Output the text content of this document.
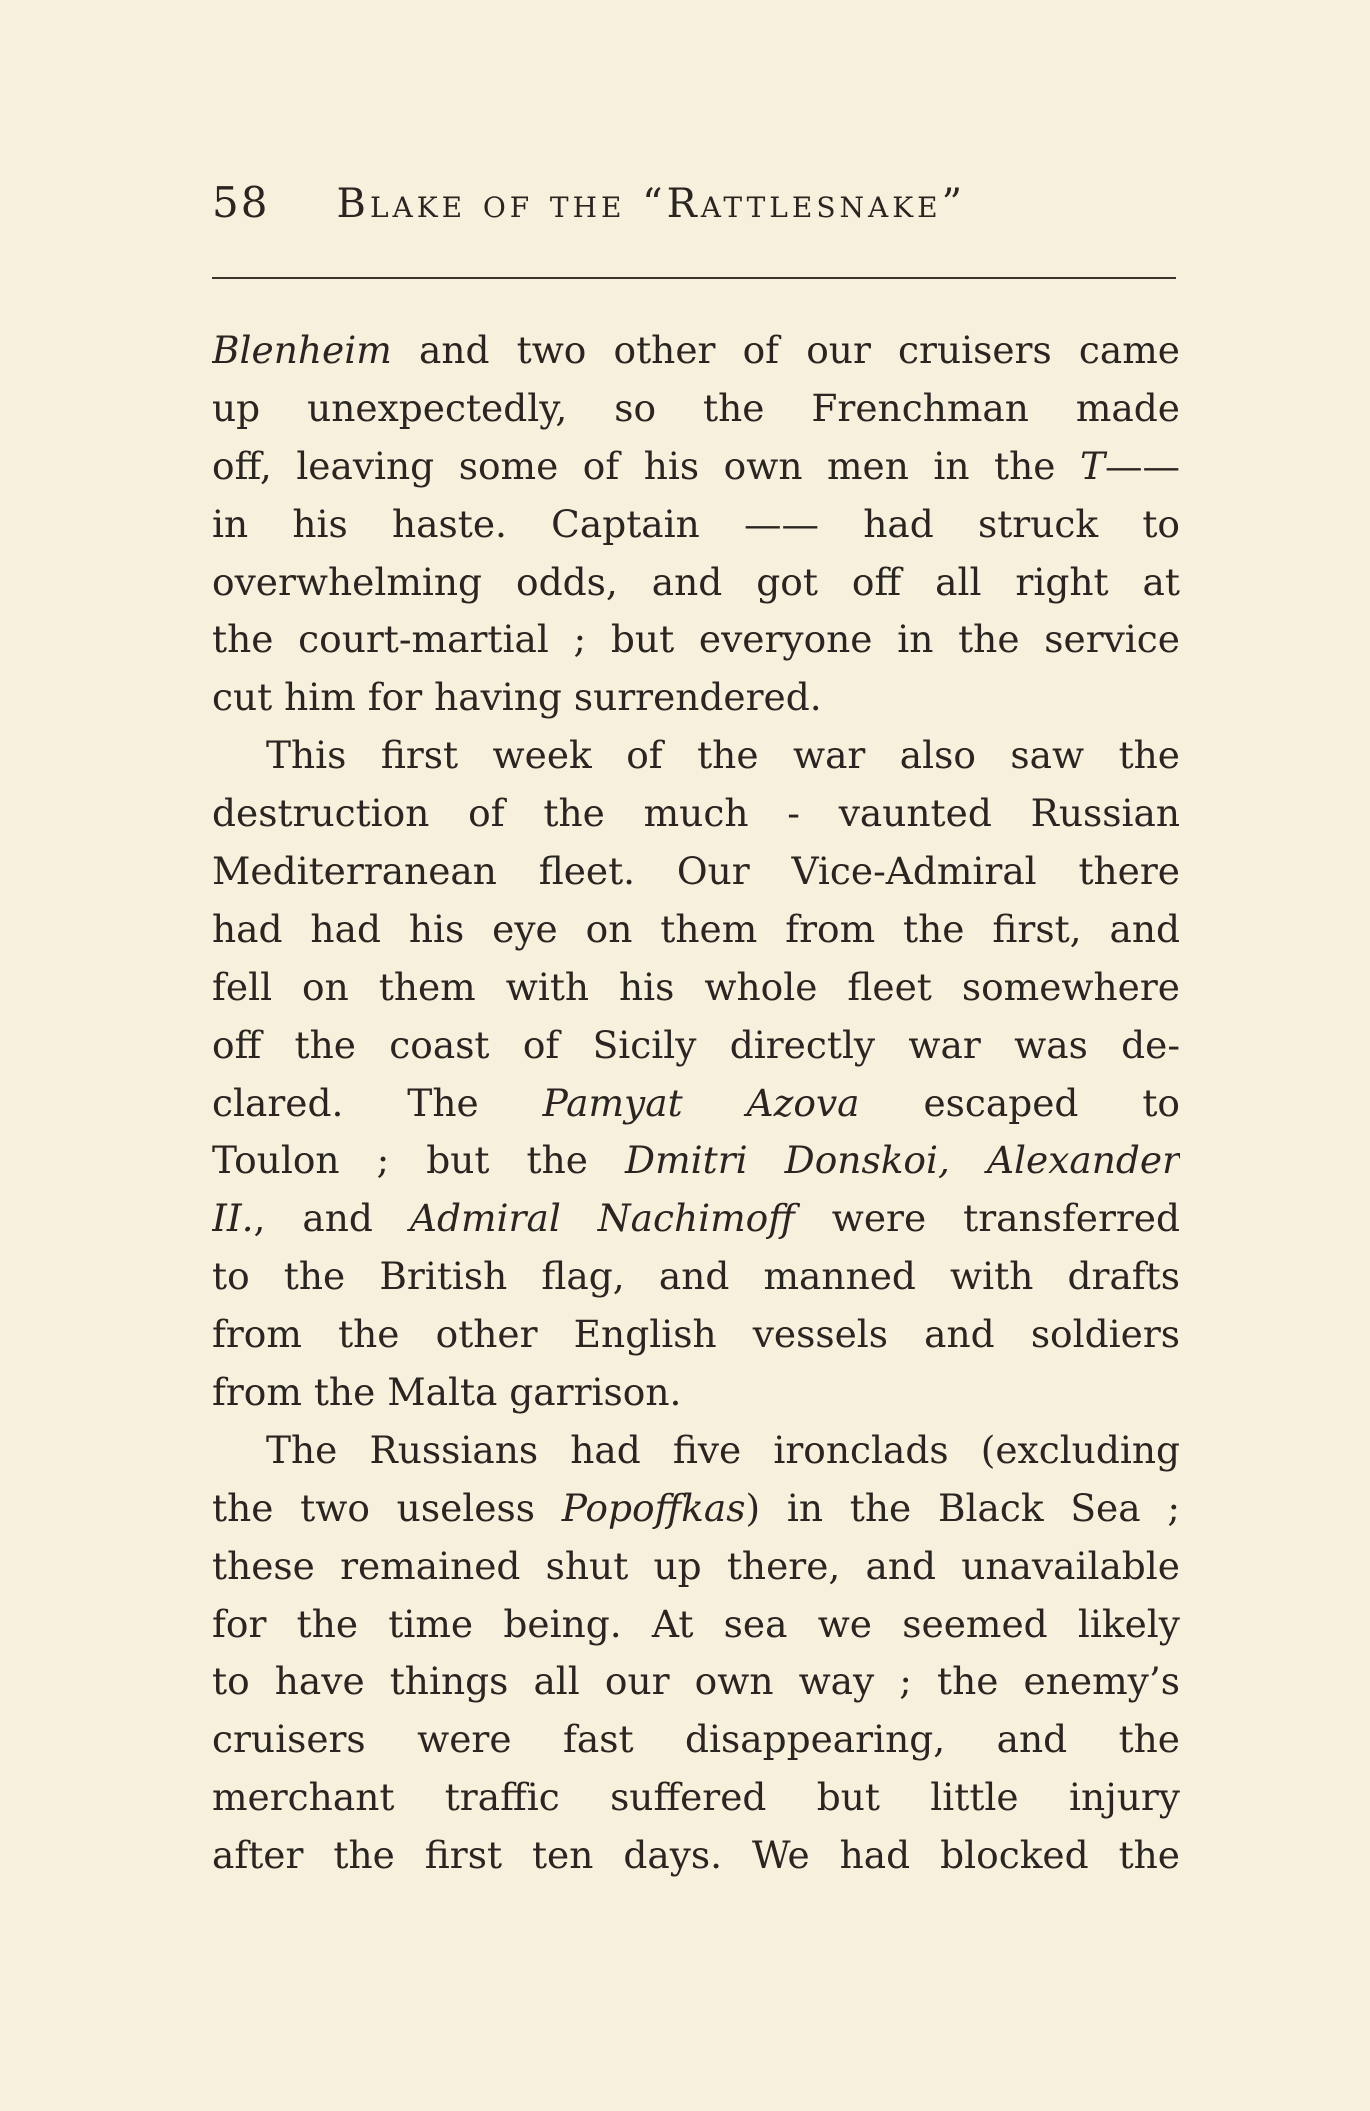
58 Blake of the “Rattlesnake”
Blenheim and two other of our cruisers came
up unexpectedly, so the Frenchman made
off, leaving some of his own men in the T——
in his haste. Captain —— had struck to
overwhelming odds, and got off all right at
the court-martial ; but everyone in the service
cut him for having surrendered.
This first week of the war also saw the
destruction of the much - vaunted Russian
Mediterranean fleet. Our Vice-Admiral there
had had his eye on them from the first, and
fell on them with his whole fleet somewhere
off the coast of Sicily directly war was de-
clared. The Pamyat Azova escaped to
Toulon ; but the Dmitri Donskoi, Alexander
II., and Admiral Nachimoff were transferred
to the British flag, and manned with drafts
from the other English vessels and soldiers
from the Malta garrison.
The Russians had five ironclads (excluding
the two useless Popoffkas) in the Black Sea ;
these remained shut up there, and unavailable
for the time being. At sea we seemed likely
to have things all our own way ; the enemy’s
cruisers were fast disappearing, and the
merchant traffic suffered but little injury
after the first ten days. We had blocked the
